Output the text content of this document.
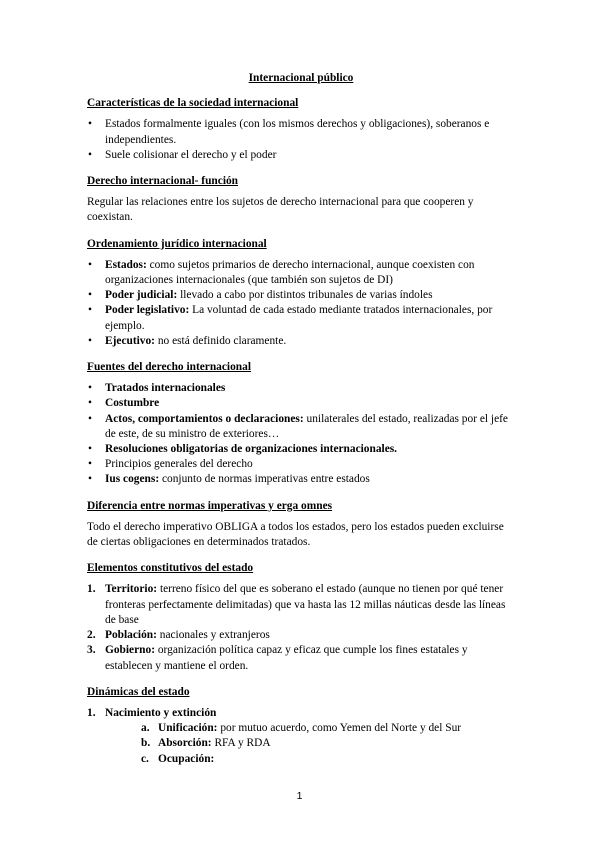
Internacional público

Características de la sociedad internacional

• Estados formalmente iguales (con los mismos derechos y obligaciones), soberanos e independientes.
• Suele colisionar el derecho y el poder

Derecho internacional- función

Regular las relaciones entre los sujetos de derecho internacional para que cooperen y coexistan.

Ordenamiento jurídico internacional

• Estados: como sujetos primarios de derecho internacional, aunque coexisten con organizaciones internacionales (que también son sujetos de DI)
• Poder judicial: llevado a cabo por distintos tribunales de varias índoles
• Poder legislativo: La voluntad de cada estado mediante tratados internacionales, por ejemplo.
• Ejecutivo: no está definido claramente.

Fuentes del derecho internacional

• Tratados internacionales
• Costumbre
• Actos, comportamientos o declaraciones: unilaterales del estado, realizadas por el jefe de este, de su ministro de exteriores…
• Resoluciones obligatorias de organizaciones internacionales.
• Principios generales del derecho
• Ius cogens: conjunto de normas imperativas entre estados

Diferencia entre normas imperativas y erga omnes

Todo el derecho imperativo OBLIGA a todos los estados, pero los estados pueden excluirse de ciertas obligaciones en determinados tratados.

Elementos constitutivos del estado

1. Territorio: terreno físico del que es soberano el estado (aunque no tienen por qué tener fronteras perfectamente delimitadas) que va hasta las 12 millas náuticas desde las líneas de base
2. Población: nacionales y extranjeros
3. Gobierno: organización política capaz y eficaz que cumple los fines estatales y establecen y mantiene el orden.

Dinámicas del estado

1. Nacimiento y extinción
a. Unificación: por mutuo acuerdo, como Yemen del Norte y del Sur
b. Absorción: RFA y RDA
c. Ocupación:
1
